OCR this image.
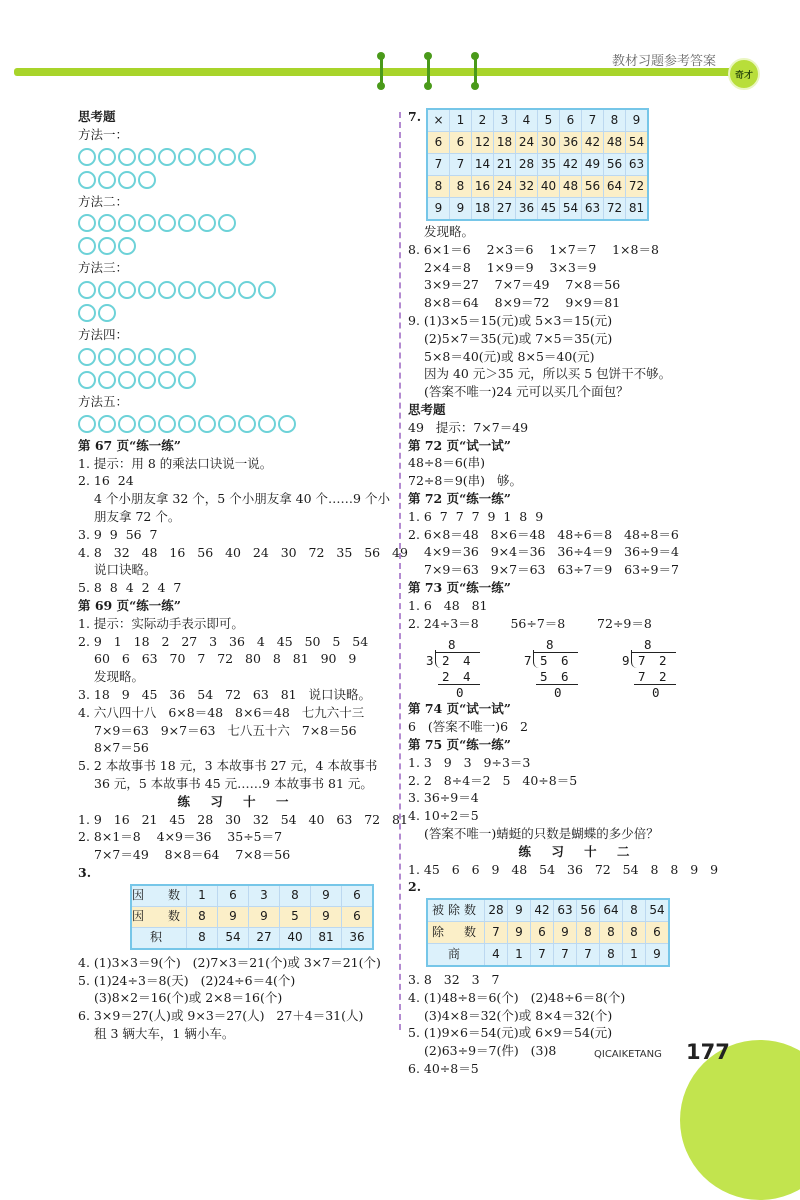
教材习题参考答案
奇才
思考题
方法一：
方法二：
方法三：
方法四：
方法五：
第 67 页“练一练”
1. 提示：用 8 的乘法口诀说一说。
2. 16  24
4 个小朋友拿 32 个，5 个小朋友拿 40 个……9 个小
朋友拿 72 个。
3. 9  9  56  7
4. 8   32   48   16   56   40   24   30   72   35   56   49
说口诀略。
5. 8  8  4  2  4  7
第 69 页“练一练”
1. 提示：实际动手表示即可。
2. 9   1   18   2   27   3   36   4   45   50   5   54
60   6   63   70   7   72   80   8   81   90   9
发现略。
3. 18   9   45   36   54   72   63   81   说口诀略。
4. 六八四十八   6×8＝48   8×6＝48   七九六十三
7×9＝63   9×7＝63   七八五十六   7×8＝56
8×7＝56
5. 2 本故事书 18 元，3 本故事书 27 元，4 本故事书
36 元，5 本故事书 45 元……9 本故事书 81 元。
练 习 十 一
1. 9   16   21   45   28   30   32   54   40   63   72   81
2. 8×1＝8    4×9＝36    35÷5＝7
7×7＝49    8×8＝64    7×8＝56
3.
因　数	1	6	3	8	9	6
因　数	8	9	9	5	9	6
积	8	54	27	40	81	36
4. (1)3×3＝9(个)   (2)7×3＝21(个)或 3×7＝21(个)
5. (1)24÷3＝8(天)   (2)24÷6＝4(个)
(3)8×2＝16(个)或 2×8＝16(个)
6. 3×9＝27(人)或 9×3＝27(人)   27＋4＝31(人)
租 3 辆大车，1 辆小车。
7.	×	1	2	3	4	5	6	7	8	9
6	6	12	18	24	30	36	42	48	54
7	7	14	21	28	35	42	49	56	63
8	8	16	24	32	40	48	56	64	72
9	9	18	27	36	45	54	63	72	81
发现略。
8. 6×1＝6    2×3＝6    1×7＝7    1×8＝8
2×4＝8    1×9＝9    3×3＝9
3×9＝27    7×7＝49    7×8＝56
8×8＝64    8×9＝72    9×9＝81
9. (1)3×5＝15(元)或 5×3＝15(元)
(2)5×7＝35(元)或 7×5＝35(元)
5×8＝40(元)或 8×5＝40(元)
因为 40 元＞35 元，所以买 5 包饼干不够。
(答案不唯一)24 元可以买几个面包？
思考题
49   提示：7×7＝49
第 72 页“试一试”
48÷8＝6(串)
72÷8＝9(串)   够。
第 72 页“练一练”
1. 6  7  7  7  9  1  8  9
2. 6×8＝48   8×6＝48   48÷6＝8   48÷8＝6
4×9＝36   9×4＝36   36÷4＝9   36÷9＝4
7×9＝63   9×7＝63   63÷7＝9   63÷9＝7
第 73 页“练一练”
1. 6   48   81
2. 24÷3＝8        56÷7＝8        72÷9＝8
8
3 2 4
2 4
0
8
7 5 6
5 6
0
8
9 7 2
7 2
0
第 74 页“试一试”
6   (答案不唯一)6   2
第 75 页“练一练”
1. 3   9   3   9÷3＝3
2. 2   8÷4＝2   5   40÷8＝5
3. 36÷9＝4
4. 10÷2＝5
(答案不唯一)蜻蜓的只数是蝴蝶的多少倍？
练 习 十 二
1. 45   6   6   9   48   54   36   72   54   8   8   9   9
2.
被除数	28	9	42	63	56	64	8	54
除　数	7	9	6	9	8	8	8	6
商	4	1	7	7	7	8	1	9
3. 8   32   3   7
4. (1)48÷8＝6(个)   (2)48÷6＝8(个)
(3)4×8＝32(个)或 8×4＝32(个)
5. (1)9×6＝54(元)或 6×9＝54(元)
(2)63÷9＝7(件)   (3)8
6. 40÷8＝5
QICAIKETANG 177
